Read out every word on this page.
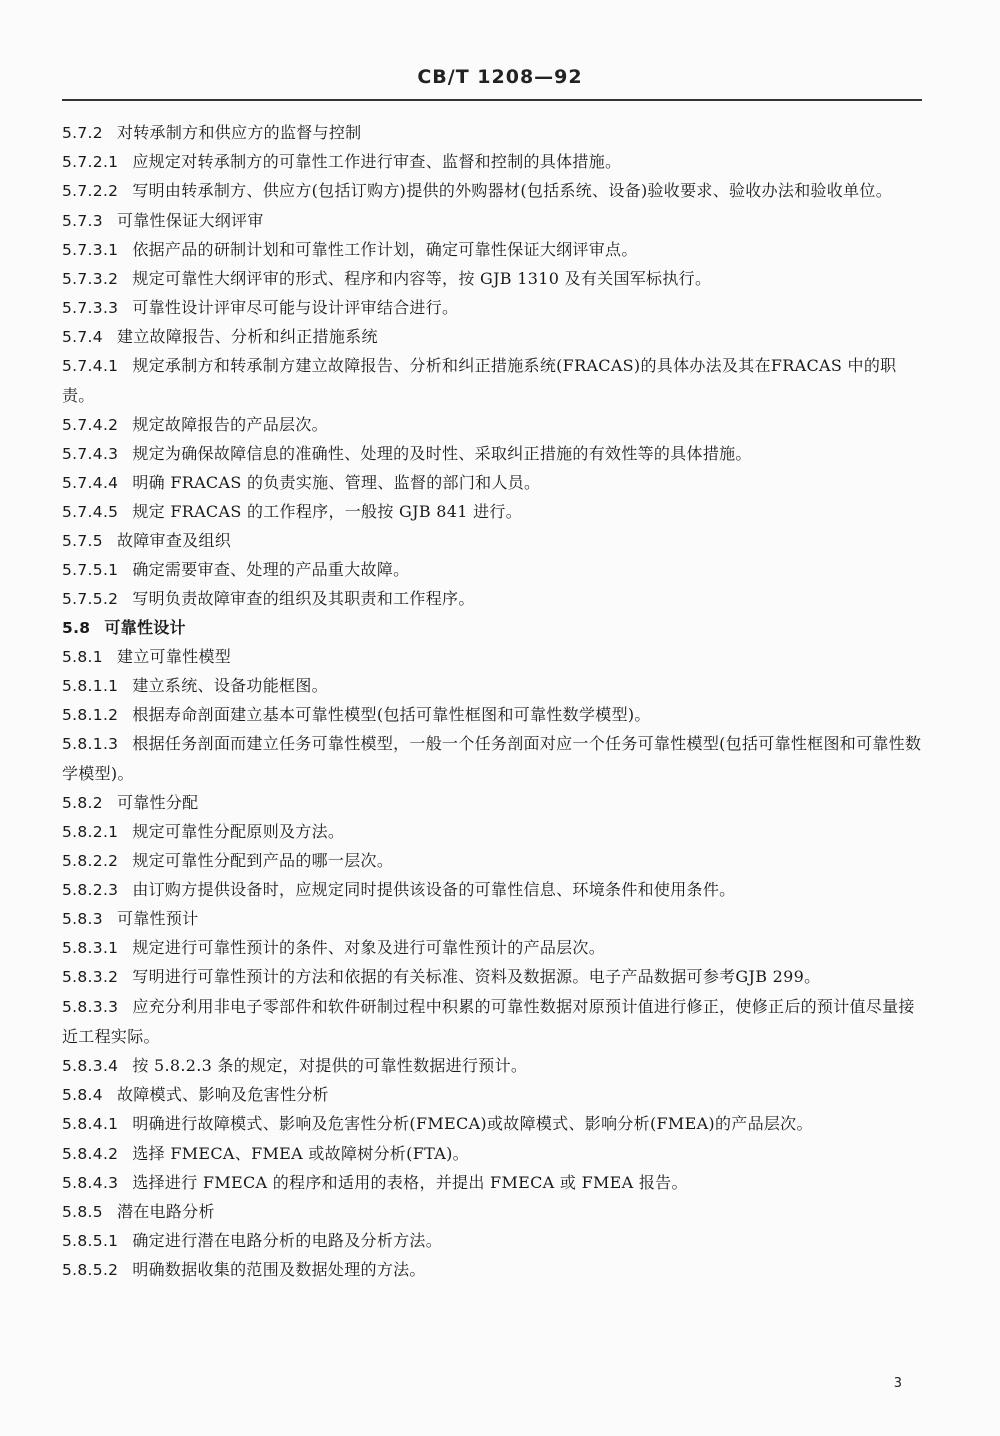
CB/T 1208—92
5.7.2 对转承制方和供应方的监督与控制
5.7.2.1 应规定对转承制方的可靠性工作进行审查、监督和控制的具体措施。
5.7.2.2 写明由转承制方、供应方(包括订购方)提供的外购器材(包括系统、设备)验收要求、验收办法和验收单位。
5.7.3 可靠性保证大纲评审
5.7.3.1 依据产品的研制计划和可靠性工作计划，确定可靠性保证大纲评审点。
5.7.3.2 规定可靠性大纲评审的形式、程序和内容等，按 GJB 1310 及有关国军标执行。
5.7.3.3 可靠性设计评审尽可能与设计评审结合进行。
5.7.4 建立故障报告、分析和纠正措施系统
5.7.4.1 规定承制方和转承制方建立故障报告、分析和纠正措施系统(FRACAS)的具体办法及其在FRACAS 中的职责。
5.7.4.2 规定故障报告的产品层次。
5.7.4.3 规定为确保故障信息的准确性、处理的及时性、采取纠正措施的有效性等的具体措施。
5.7.4.4 明确 FRACAS 的负责实施、管理、监督的部门和人员。
5.7.4.5 规定 FRACAS 的工作程序，一般按 GJB 841 进行。
5.7.5 故障审查及组织
5.7.5.1 确定需要审查、处理的产品重大故障。
5.7.5.2 写明负责故障审查的组织及其职责和工作程序。
5.8 可靠性设计
5.8.1 建立可靠性模型
5.8.1.1 建立系统、设备功能框图。
5.8.1.2 根据寿命剖面建立基本可靠性模型(包括可靠性框图和可靠性数学模型)。
5.8.1.3 根据任务剖面而建立任务可靠性模型，一般一个任务剖面对应一个任务可靠性模型(包括可靠性框图和可靠性数学模型)。
5.8.2 可靠性分配
5.8.2.1 规定可靠性分配原则及方法。
5.8.2.2 规定可靠性分配到产品的哪一层次。
5.8.2.3 由订购方提供设备时，应规定同时提供该设备的可靠性信息、环境条件和使用条件。
5.8.3 可靠性预计
5.8.3.1 规定进行可靠性预计的条件、对象及进行可靠性预计的产品层次。
5.8.3.2 写明进行可靠性预计的方法和依据的有关标准、资料及数据源。电子产品数据可参考GJB 299。
5.8.3.3 应充分利用非电子零部件和软件研制过程中积累的可靠性数据对原预计值进行修正，使修正后的预计值尽量接近工程实际。
5.8.3.4 按 5.8.2.3 条的规定，对提供的可靠性数据进行预计。
5.8.4 故障模式、影响及危害性分析
5.8.4.1 明确进行故障模式、影响及危害性分析(FMECA)或故障模式、影响分析(FMEA)的产品层次。
5.8.4.2 选择 FMECA、FMEA 或故障树分析(FTA)。
5.8.4.3 选择进行 FMECA 的程序和适用的表格，并提出 FMECA 或 FMEA 报告。
5.8.5 潜在电路分析
5.8.5.1 确定进行潜在电路分析的电路及分析方法。
5.8.5.2 明确数据收集的范围及数据处理的方法。
3
